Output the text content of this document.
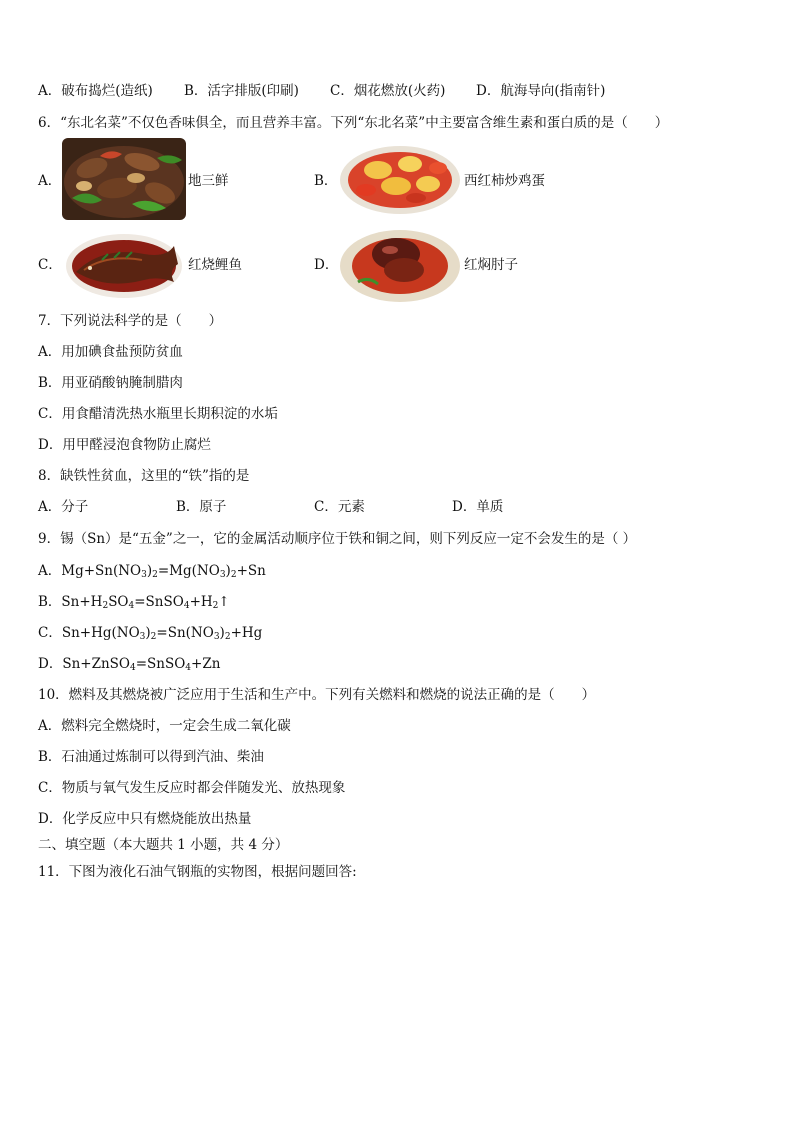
A．破布捣烂(造纸) B．活字排版(印刷) C．烟花燃放(火药) D．航海导向(指南针)
6．“东北名菜”不仅色香味俱全，而且营养丰富。下列“东北名菜”中主要富含维生素和蛋白质的是（　　）
A．	地三鲜	B．	西红柿炒鸡蛋
C．	红烧鲤鱼	D．	红焖肘子
7．下列说法科学的是（　　）
A．用加碘食盐预防贫血
B．用亚硝酸钠腌制腊肉
C．用食醋清洗热水瓶里长期积淀的水垢
D．用甲醛浸泡食物防止腐烂
8．缺铁性贫血，这里的“铁”指的是
A．分子	B．原子	C．元素	D．单质
9．锡（Sn）是“五金”之一，它的金属活动顺序位于铁和铜之间，则下列反应一定不会发生的是（ ）
A．$Mg+Sn(NO_3)_2=Mg(NO_3)_2+Sn$
B．$Sn+H_2SO_4=SnSO_4+H_2↑$
C．$Sn+Hg(NO_3)_2=Sn(NO_3)_2+Hg$
D．Sn+ZnSO$_4$=SnSO$_4$+Zn
10．燃料及其燃烧被广泛应用于生活和生产中。下列有关燃料和燃烧的说法正确的是（　　）
A．燃料完全燃烧时，一定会生成二氧化碳
B．石油通过炼制可以得到汽油、柴油
C．物质与氧气发生反应时都会伴随发光、放热现象
D．化学反应中只有燃烧能放出热量
二、填空题（本大题共 1 小题，共 4 分）
11．下图为液化石油气钢瓶的实物图，根据问题回答:
